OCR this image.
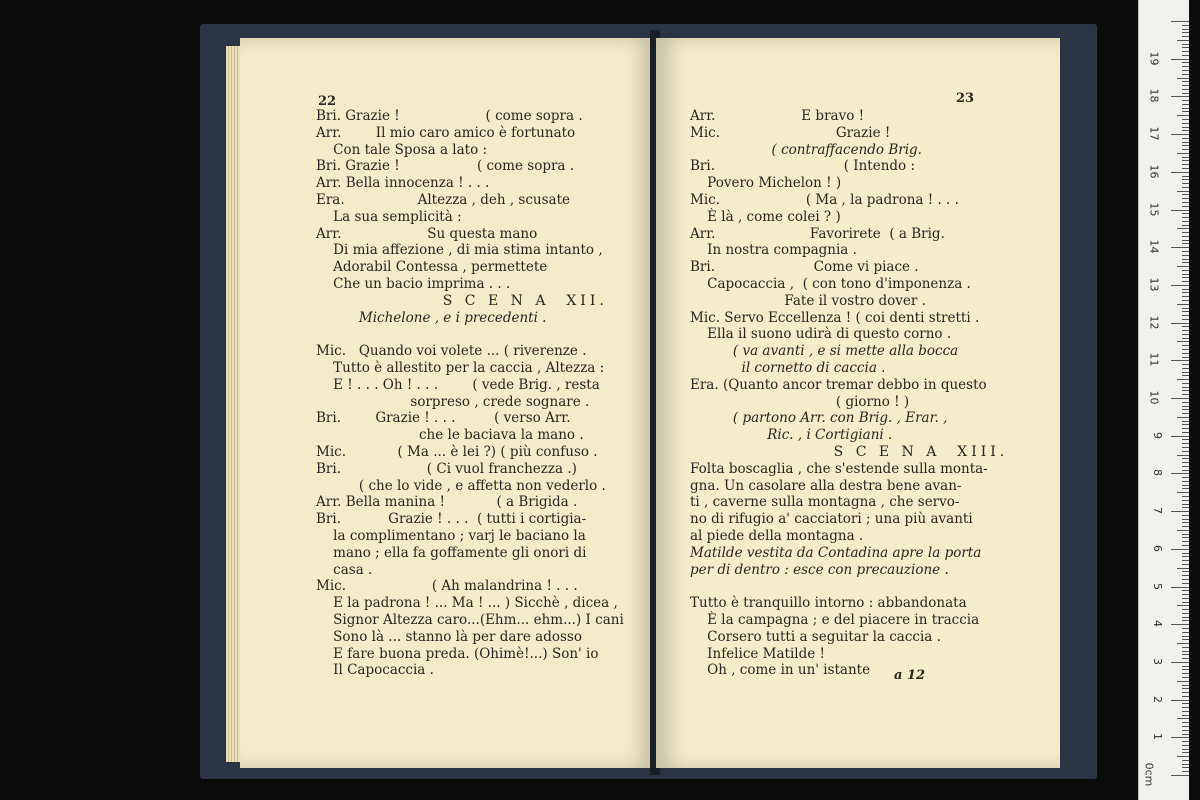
22
Bri. Grazie !                    ( come sopra .
Arr.        Il mio caro amico è fortunato
Con tale Sposa a lato :
Bri. Grazie !                  ( come sopra .
Arr. Bella innocenza ! . . .
Era.                 Altezza , deh , scusate
La sua semplicità :
Arr.                    Su questa mano
Di mia affezione , di mia stima intanto ,
Adorabil Contessa , permettete
Che un bacio imprima . . .
S C E N A  XII.
Michelone , e i precedenti .
Mic.   Quando voi volete ... ( riverenze .
Tutto è allestito per la caccia , Altezza :
E ! . . . Oh ! . . .        ( vede Brig. , resta
sorpreso , crede sognare .
Bri.        Grazie ! . . .         ( verso Arr.
che le baciava la mano .
Mic.            ( Ma ... è lei ?) ( più confuso .
Bri.                    ( Ci vuol franchezza .)
( che lo vide , e affetta non vederlo .
Arr. Bella manina !            ( a Brigida .
Bri.           Grazie ! . . .  ( tutti i cortigia-
la complimentano ; varj le baciano la
mano ; ella fa goffamente gli onori di
casa .
Mic.                    ( Ah malandrina ! . . .
E la padrona ! ... Ma ! ... ) Sicchè , dicea ,
Signor Altezza caro...(Ehm... ehm...) I cani
Sono là ... stanno là per dare adosso
E fare buona preda. (Ohimè!...) Son' io
Il Capocaccia .
23
Arr.                    E bravo !
Mic.                           Grazie !
( contraffacendo Brig.
Bri.                              ( Intendo :
Povero Michelon ! )
Mic.                    ( Ma , la padrona ! . . .
È là , come colei ? )
Arr.                      Favorirete  ( a Brig.
In nostra compagnia .
Bri.                       Come vi piace .
Capocaccia ,  ( con tono d'imponenza .
Fate il vostro dover .
Mic. Servo Eccellenza ! ( coi denti stretti .
Ella il suono udirà di questo corno .
( va avanti , e si mette alla bocca
il cornetto di caccia .
Era. (Quanto ancor tremar debbo in questo
( giorno ! )
( partono Arr. con Brig. , Erar. ,
Ric. , i Cortigiani .
S C E N A  XIII.
Folta boscaglia , che s'estende sulla monta-
gna. Un casolare alla destra bene avan-
ti , caverne sulla montagna , che servo-
no di rifugio a' cacciatori ; una più avanti
al piede della montagna .
Matilde vestita da Contadina apre la porta
per di dentro : esce con precauzione .
Tutto è tranquillo intorno : abbandonata
È la campagna ; e del piacere in traccia
Corsero tutti a seguitar la caccia .
Infelice Matilde !
Oh , come in un' istante	a 12
0cm
1
2
3
4
5
6
7
8
9
10
11
12
13
14
15
16
17
18
19
